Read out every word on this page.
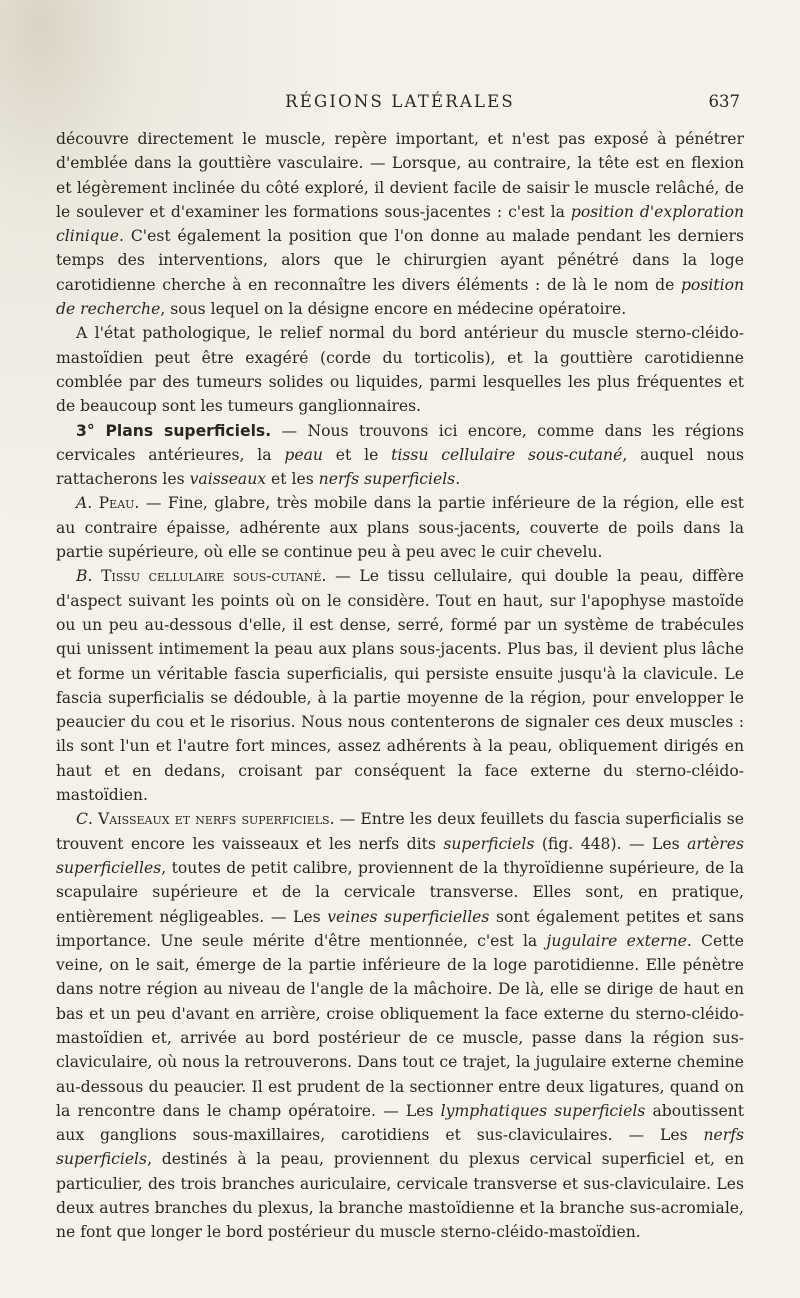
RÉGIONS LATÉRALES	637

découvre directement le muscle, repère important, et n'est pas exposé à pénétrer d'emblée dans la gouttière vasculaire. — Lorsque, au contraire, la tête est en flexion et légèrement inclinée du côté exploré, il devient facile de saisir le muscle relâché, de le soulever et d'examiner les formations sous-jacentes : c'est la position d'exploration clinique. C'est également la position que l'on donne au malade pendant les derniers temps des interventions, alors que le chirurgien ayant pénétré dans la loge carotidienne cherche à en reconnaître les divers éléments : de là le nom de position de recherche, sous lequel on la désigne encore en médecine opératoire.

A l'état pathologique, le relief normal du bord antérieur du muscle sterno-cléido-mastoïdien peut être exagéré (corde du torticolis), et la gouttière carotidienne comblée par des tumeurs solides ou liquides, parmi lesquelles les plus fréquentes et de beaucoup sont les tumeurs ganglionnaires.

3° Plans superficiels. — Nous trouvons ici encore, comme dans les régions cervicales antérieures, la peau et le tissu cellulaire sous-cutané, auquel nous rattacherons les vaisseaux et les nerfs superficiels.

A. Peau. — Fine, glabre, très mobile dans la partie inférieure de la région, elle est au contraire épaisse, adhérente aux plans sous-jacents, couverte de poils dans la partie supérieure, où elle se continue peu à peu avec le cuir chevelu.

B. Tissu cellulaire sous-cutané. — Le tissu cellulaire, qui double la peau, diffère d'aspect suivant les points où on le considère. Tout en haut, sur l'apophyse mastoïde ou un peu au-dessous d'elle, il est dense, serré, formé par un système de trabécules qui unissent intimement la peau aux plans sous-jacents. Plus bas, il devient plus lâche et forme un véritable fascia superficialis, qui persiste ensuite jusqu'à la clavicule. Le fascia superficialis se dédouble, à la partie moyenne de la région, pour envelopper le peaucier du cou et le risorius. Nous nous contenterons de signaler ces deux muscles : ils sont l'un et l'autre fort minces, assez adhérents à la peau, obliquement dirigés en haut et en dedans, croisant par conséquent la face externe du sterno-cléido-mastoïdien.

C. Vaisseaux et nerfs superficiels. — Entre les deux feuillets du fascia superficialis se trouvent encore les vaisseaux et les nerfs dits superficiels (fig. 448). — Les artères superficielles, toutes de petit calibre, proviennent de la thyroïdienne supérieure, de la scapulaire supérieure et de la cervicale transverse. Elles sont, en pratique, entièrement négligeables. — Les veines superficielles sont également petites et sans importance. Une seule mérite d'être mentionnée, c'est la jugulaire externe. Cette veine, on le sait, émerge de la partie inférieure de la loge parotidienne. Elle pénètre dans notre région au niveau de l'angle de la mâchoire. De là, elle se dirige de haut en bas et un peu d'avant en arrière, croise obliquement la face externe du sterno-cléido-mastoïdien et, arrivée au bord postérieur de ce muscle, passe dans la région sus-claviculaire, où nous la retrouverons. Dans tout ce trajet, la jugulaire externe chemine au-dessous du peaucier. Il est prudent de la sectionner entre deux ligatures, quand on la rencontre dans le champ opératoire. — Les lymphatiques superficiels aboutissent aux ganglions sous-maxillaires, carotidiens et sus-claviculaires. — Les nerfs superficiels, destinés à la peau, proviennent du plexus cervical superficiel et, en particulier, des trois branches auriculaire, cervicale transverse et sus-claviculaire. Les deux autres branches du plexus, la branche mastoïdienne et la branche sus-acromiale, ne font que longer le bord postérieur du muscle sterno-cléido-mastoïdien.
